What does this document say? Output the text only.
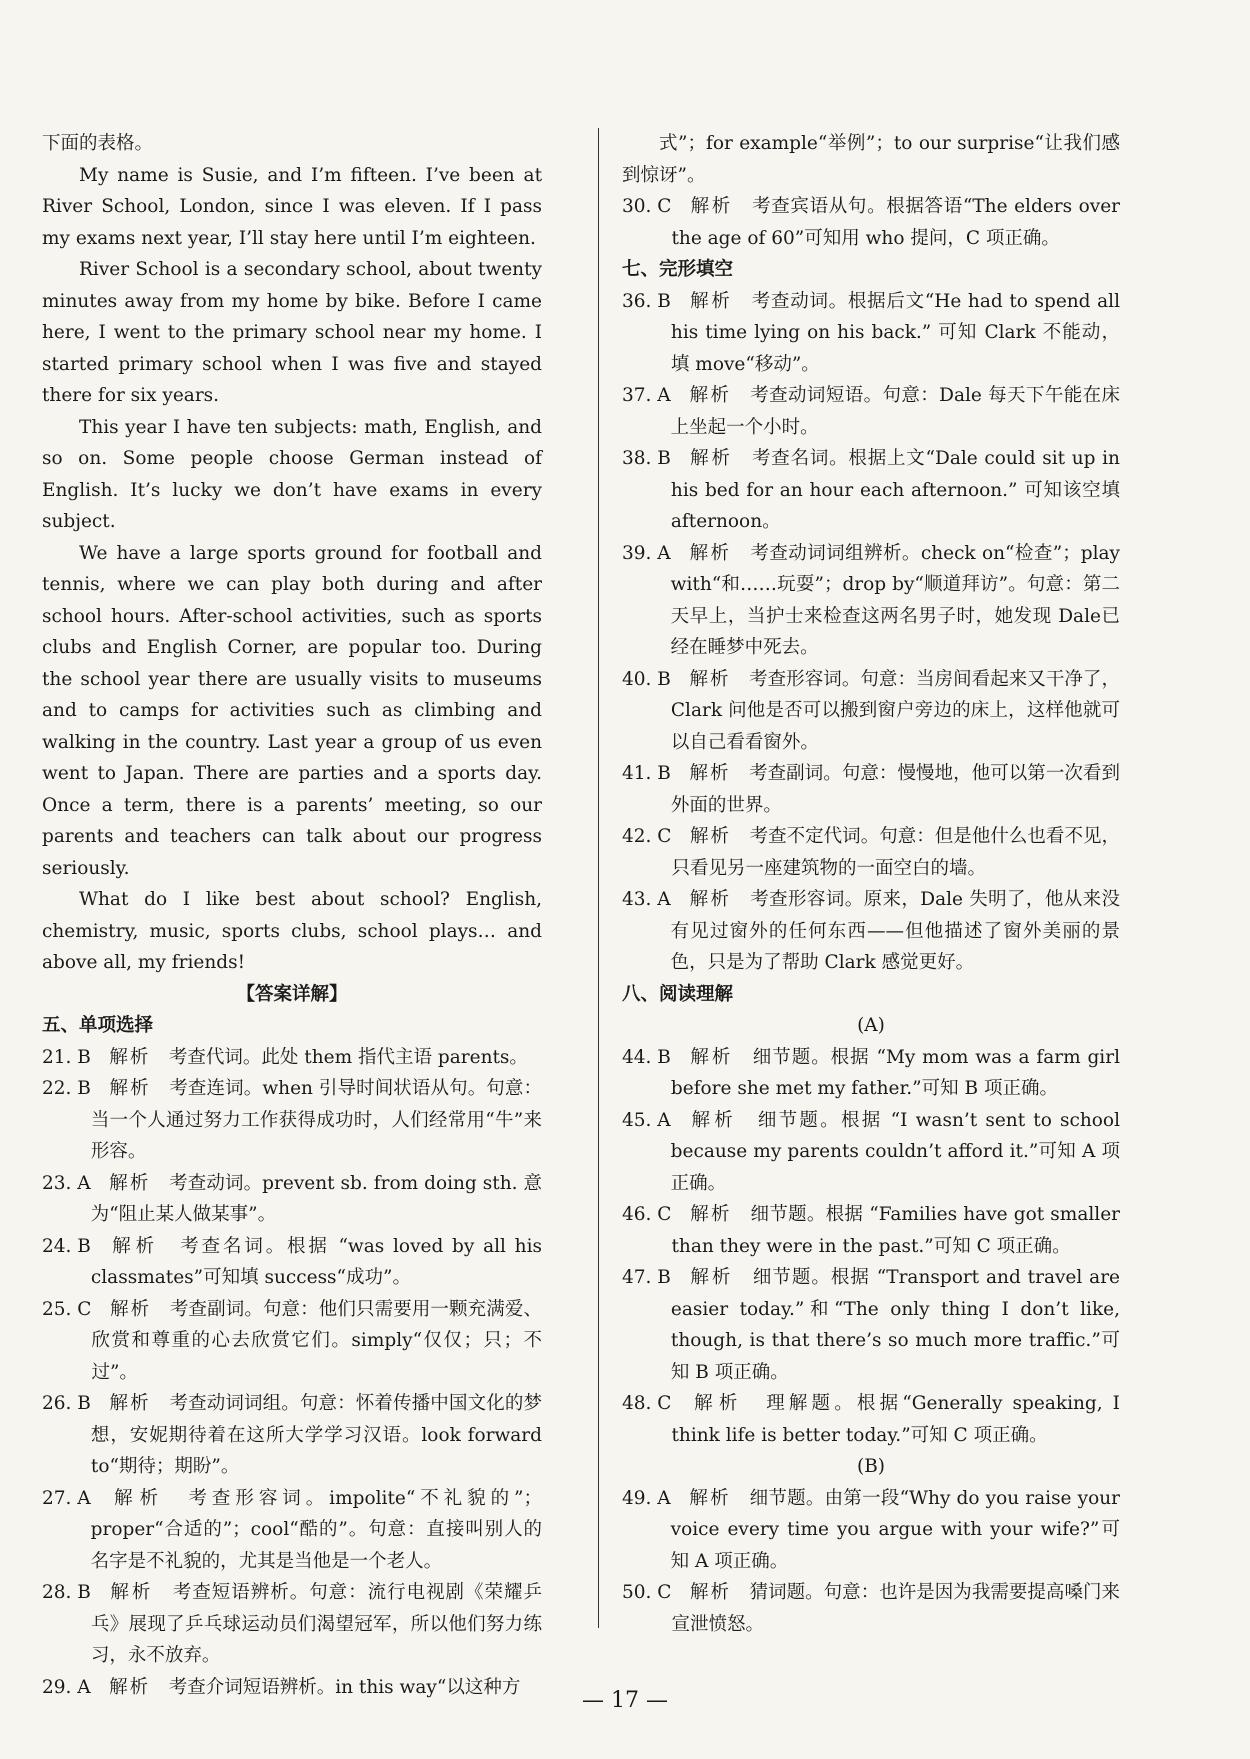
下面的表格。

My name is Susie, and I’m fifteen. I’ve been at River School, London, since I was eleven. If I pass my exams next year, I’ll stay here until I’m eighteen.

River School is a secondary school, about twenty minutes away from my home by bike. Before I came here, I went to the primary school near my home. I started primary school when I was five and stayed there for six years.

This year I have ten subjects: math, English, and so on. Some people choose German instead of English. It’s lucky we don’t have exams in every subject.

We have a large sports ground for football and tennis, where we can play both during and after school hours. After-school activities, such as sports clubs and English Corner, are popular too. During the school year there are usually visits to museums and to camps for activities such as climbing and walking in the country. Last year a group of us even went to Japan. There are parties and a sports day. Once a term, there is a parents’ meeting, so our parents and teachers can talk about our progress seriously.

What do I like best about school? English, chemistry, music, sports clubs, school plays… and above all, my friends!

【答案详解】

五、单项选择

21. B
 	解析  考查代词。此处 them 指代主语 parents。
22. B
 	解析  考查连词。when 引导时间状语从句。句意：当一个人通过努力工作获得成功时，人们经常用“牛”来形容。
23. A
 	解析  考查动词。prevent sb. from doing sth. 意为“阻止某人做某事”。
24. B
 	解析  考查名词。根据 “was loved by all his classmates”可知填 success“成功”。
25. C
 	解析  考查副词。句意：他们只需要用一颗充满爱、欣赏和尊重的心去欣赏它们。simply“仅仅；只；不过”。
26. B
 	解析  考查动词词组。句意：怀着传播中国文化的梦想，安妮期待着在这所大学学习汉语。look forward to“期待；期盼”。
27. A
 	解析  考查形容词。impolite“不礼貌的”；proper“合适的”；cool“酷的”。句意：直接叫别人的名字是不礼貌的，尤其是当他是一个老人。
28. B
 	解析  考查短语辨析。句意：流行电视剧《荣耀乒乓》展现了乒乓球运动员们渴望冠军，所以他们努力练习，永不放弃。
29. A
 	解析  考查介词短语辨析。in this way“以这种方

式”；for example“举例”；to our surprise“让我们感到惊讶”。

30. C
 	解析  考查宾语从句。根据答语“The elders over the age of 60”可知用 who 提问，C 项正确。

七、完形填空

36. B
 	解析  考查动词。根据后文“He had to spend all his time lying on his back.” 可知 Clark 不能动，填 move“移动”。
37. A
 	解析  考查动词短语。句意：Dale 每天下午能在床上坐起一个小时。
38. B
 	解析  考查名词。根据上文“Dale could sit up in his bed for an hour each afternoon.” 可知该空填 afternoon。
39. A
 	解析  考查动词词组辨析。check on“检查”；play with“和……玩耍”；drop by“顺道拜访”。句意：第二天早上，当护士来检查这两名男子时，她发现 Dale已经在睡梦中死去。
40. B
 	解析  考查形容词。句意：当房间看起来又干净了，Clark 问他是否可以搬到窗户旁边的床上，这样他就可以自己看看窗外。
41. B
 	解析  考查副词。句意：慢慢地，他可以第一次看到外面的世界。
42. C
 	解析  考查不定代词。句意：但是他什么也看不见，只看见另一座建筑物的一面空白的墙。
43. A
 	解析  考查形容词。原来，Dale 失明了，他从来没有见过窗外的任何东西——但他描述了窗外美丽的景色，只是为了帮助 Clark 感觉更好。

八、阅读理解

(A)

44. B
 	解析  细节题。根据 “My mom was a farm girl before she met my father.”可知 B 项正确。
45. A
 	解析  细节题。根据 “I wasn’t sent to school because my parents couldn’t afford it.”可知 A 项正确。
46. C
 	解析  细节题。根据 “Families have got smaller than they were in the past.”可知 C 项正确。
47. B
 	解析  细节题。根据 “Transport and travel are easier today.”和“The only thing I don’t like, though, is that there’s so much more traffic.”可知 B 项正确。
48. C
 	解析  理解题。根据“Generally speaking, I think life is better today.”可知 C 项正确。

(B)

49. A
 	解析  细节题。由第一段“Why do you raise your voice every time you argue with your wife?”可知 A 项正确。
50. C
 	解析  猜词题。句意：也许是因为我需要提高嗓门来宣泄愤怒。
— 17 —
